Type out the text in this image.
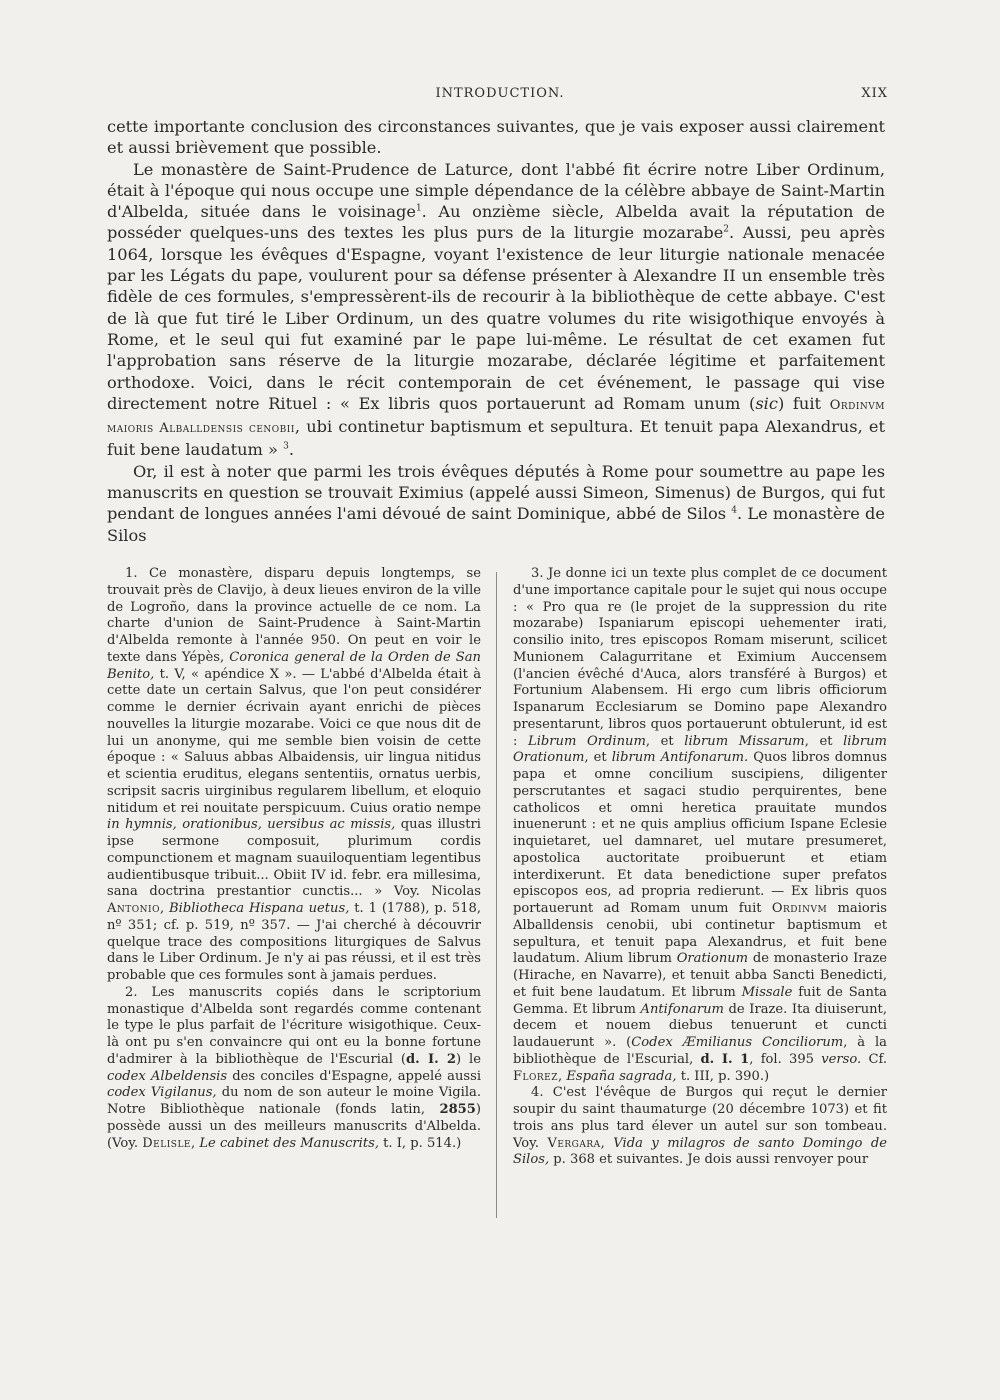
INTRODUCTION.	XIX

cette importante conclusion des circonstances suivantes, que je vais exposer aussi clairement et aussi brièvement que possible.

Le monastère de Saint-Prudence de Laturce, dont l'abbé fit écrire notre Liber Ordinum, était à l'époque qui nous occupe une simple dépendance de la célèbre abbaye de Saint-Martin d'Albelda, située dans le voisinage$^1$. Au onzième siècle, Albelda avait la réputation de posséder quelques-uns des textes les plus purs de la liturgie mozarabe$^2$. Aussi, peu après 1064, lorsque les évêques d'Espagne, voyant l'existence de leur liturgie nationale menacée par les Légats du pape, voulurent pour sa défense présenter à Alexandre II un ensemble très fidèle de ces formules, s'empressèrent-ils de recourir à la bibliothèque de cette abbaye. C'est de là que fut tiré le Liber Ordinum, un des quatre volumes du rite wisigothique envoyés à Rome, et le seul qui fut examiné par le pape lui-même. Le résultat de cet examen fut l'approbation sans réserve de la liturgie mozarabe, déclarée légitime et parfaitement orthodoxe. Voici, dans le récit contemporain de cet événement, le passage qui vise directement notre Rituel : « Ex libris quos portauerunt ad Romam unum (sic) fuit Ordinvm maioris Alballdensis cenobii, ubi continetur baptismum et sepultura. Et tenuit papa Alexandrus, et fuit bene laudatum » $^3$.

Or, il est à noter que parmi les trois évêques députés à Rome pour soumettre au pape les manuscrits en question se trouvait Eximius (appelé aussi Simeon, Simenus) de Burgos, qui fut pendant de longues années l'ami dévoué de saint Dominique, abbé de Silos $^4$. Le monastère de Silos

1. Ce monastère, disparu depuis longtemps, se trouvait près de Clavijo, à deux lieues environ de la ville de Logroño, dans la province actuelle de ce nom. La charte d'union de Saint-Prudence à Saint-Martin d'Albelda remonte à l'année 950. On peut en voir le texte dans Yépès, Coronica general de la Orden de San Benito, t. V, « apéndice X ». — L'abbé d'Albelda était à cette date un certain Salvus, que l'on peut considérer comme le dernier écrivain ayant enrichi de pièces nouvelles la liturgie mozarabe. Voici ce que nous dit de lui un anonyme, qui me semble bien voisin de cette époque : « Saluus abbas Albaidensis, uir lingua nitidus et scientia eruditus, elegans sententiis, ornatus uerbis, scripsit sacris uirginibus regularem libellum, et eloquio nitidum et rei nouitate perspicuum. Cuius oratio nempe in hymnis, orationibus, uersibus ac missis, quas illustri ipse sermone composuit, plurimum cordis compunctionem et magnam suauiloquentiam legentibus audientibusque tribuit... Obiit IV id. febr. era millesima, sana doctrina prestantior cunctis... » Voy. Nicolas Antonio, Bibliotheca Hispana uetus, t. 1 (1788), p. 518, nº 351; cf. p. 519, nº 357. — J'ai cherché à découvrir quelque trace des compositions liturgiques de Salvus dans le Liber Ordinum. Je n'y ai pas réussi, et il est très probable que ces formules sont à jamais perdues.

2. Les manuscrits copiés dans le scriptorium monastique d'Albelda sont regardés comme contenant le type le plus parfait de l'écriture wisigothique. Ceux-là ont pu s'en convaincre qui ont eu la bonne fortune d'admirer à la bibliothèque de l'Escurial (d. I. 2) le codex Albeldensis des conciles d'Espagne, appelé aussi codex Vigilanus, du nom de son auteur le moine Vigila. Notre Bibliothèque nationale (fonds latin, 2855) possède aussi un des meilleurs manuscrits d'Albelda. (Voy. Delisle, Le cabinet des Manuscrits, t. I, p. 514.)

3. Je donne ici un texte plus complet de ce document d'une importance capitale pour le sujet qui nous occupe : « Pro qua re (le projet de la suppression du rite mozarabe) Ispaniarum episcopi uehementer irati, consilio inito, tres episcopos Romam miserunt, scilicet Munionem Calagurritane et Eximium Auccensem (l'ancien évêché d'Auca, alors transféré à Burgos) et Fortunium Alabensem. Hi ergo cum libris officiorum Ispanarum Ecclesiarum se Domino pape Alexandro presentarunt, libros quos portauerunt obtulerunt, id est : Librum Ordinum, et librum Missarum, et librum Orationum, et librum Antifonarum. Quos libros domnus papa et omne concilium suscipiens, diligenter perscrutantes et sagaci studio perquirentes, bene catholicos et omni heretica prauitate mundos inuenerunt : et ne quis amplius officium Ispane Eclesie inquietaret, uel damnaret, uel mutare presumeret, apostolica auctoritate proibuerunt et etiam interdixerunt. Et data benedictione super prefatos episcopos eos, ad propria redierunt. — Ex libris quos portauerunt ad Romam unum fuit Ordinvm maioris Alballdensis cenobii, ubi continetur baptismum et sepultura, et tenuit papa Alexandrus, et fuit bene laudatum. Alium librum Orationum de monasterio Iraze (Hirache, en Navarre), et tenuit abba Sancti Benedicti, et fuit bene laudatum. Et librum Missale fuit de Santa Gemma. Et librum Antifonarum de Iraze. Ita diuiserunt, decem et nouem diebus tenuerunt et cuncti laudauerunt ». (Codex Æmilianus Conciliorum, à la bibliothèque de l'Escurial, d. I. 1, fol. 395 verso. Cf. Florez, España sagrada, t. III, p. 390.)

4. C'est l'évêque de Burgos qui reçut le dernier soupir du saint thaumaturge (20 décembre 1073) et fit trois ans plus tard élever un autel sur son tombeau. Voy. Vergara, Vida y milagros de santo Domingo de Silos, p. 368 et suivantes. Je dois aussi renvoyer pour
